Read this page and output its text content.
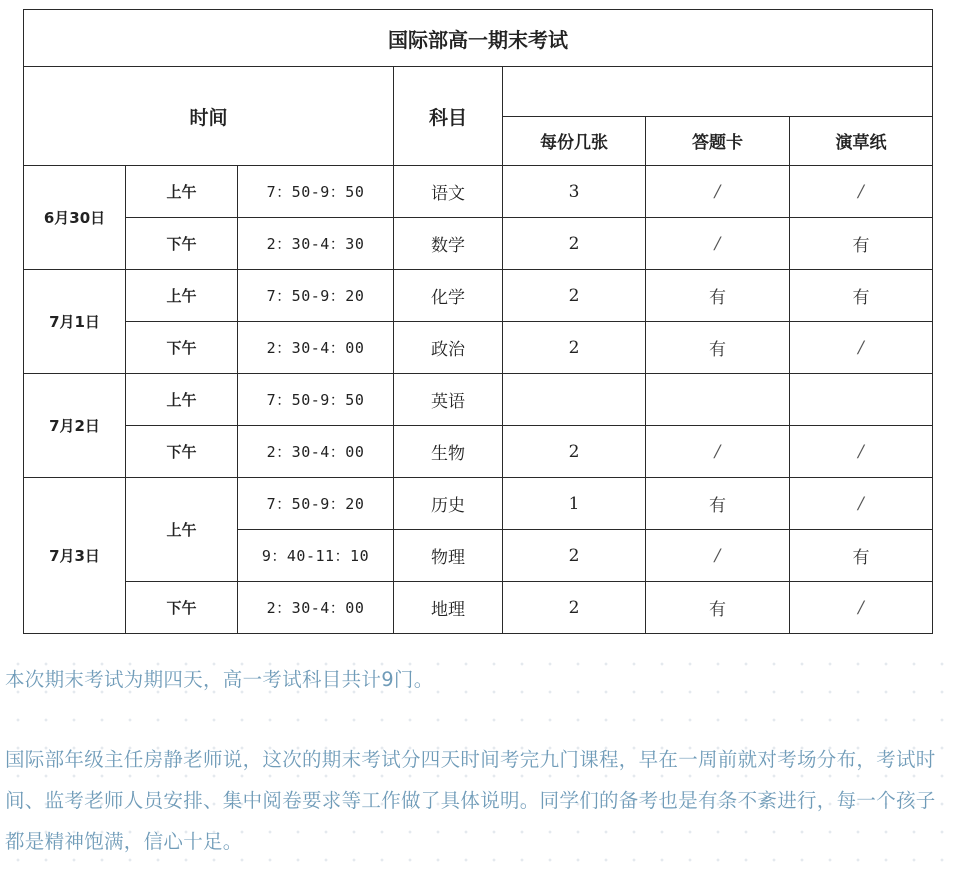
国际部高一期末考试						
时间			科目			
				每份几张	答题卡	演草纸
6月30日	上午	7：50-9：50	语文	3	/	/
	下午	2：30-4：30	数学	2	/	有
7月1日	上午	7：50-9：20	化学	2	有	有
	下午	2：30-4：00	政治	2	有	/
7月2日	上午	7：50-9：50	英语			
	下午	2：30-4：00	生物	2	/	/
7月3日	上午	7：50-9：20	历史	1	有	/
		9：40-11：10	物理	2	/	有
	下午	2：30-4：00	地理	2	有	/
本次期末考试为期四天，高一考试科目共计9门。
国际部年级主任房静老师说，这次的期末考试分四天时间考完九门课程，早在一周前就对考场分布，考试时间、监考老师人员安排、集中阅卷要求等工作做了具体说明。同学们的备考也是有条不紊进行，每一个孩子都是精神饱满，信心十足。
